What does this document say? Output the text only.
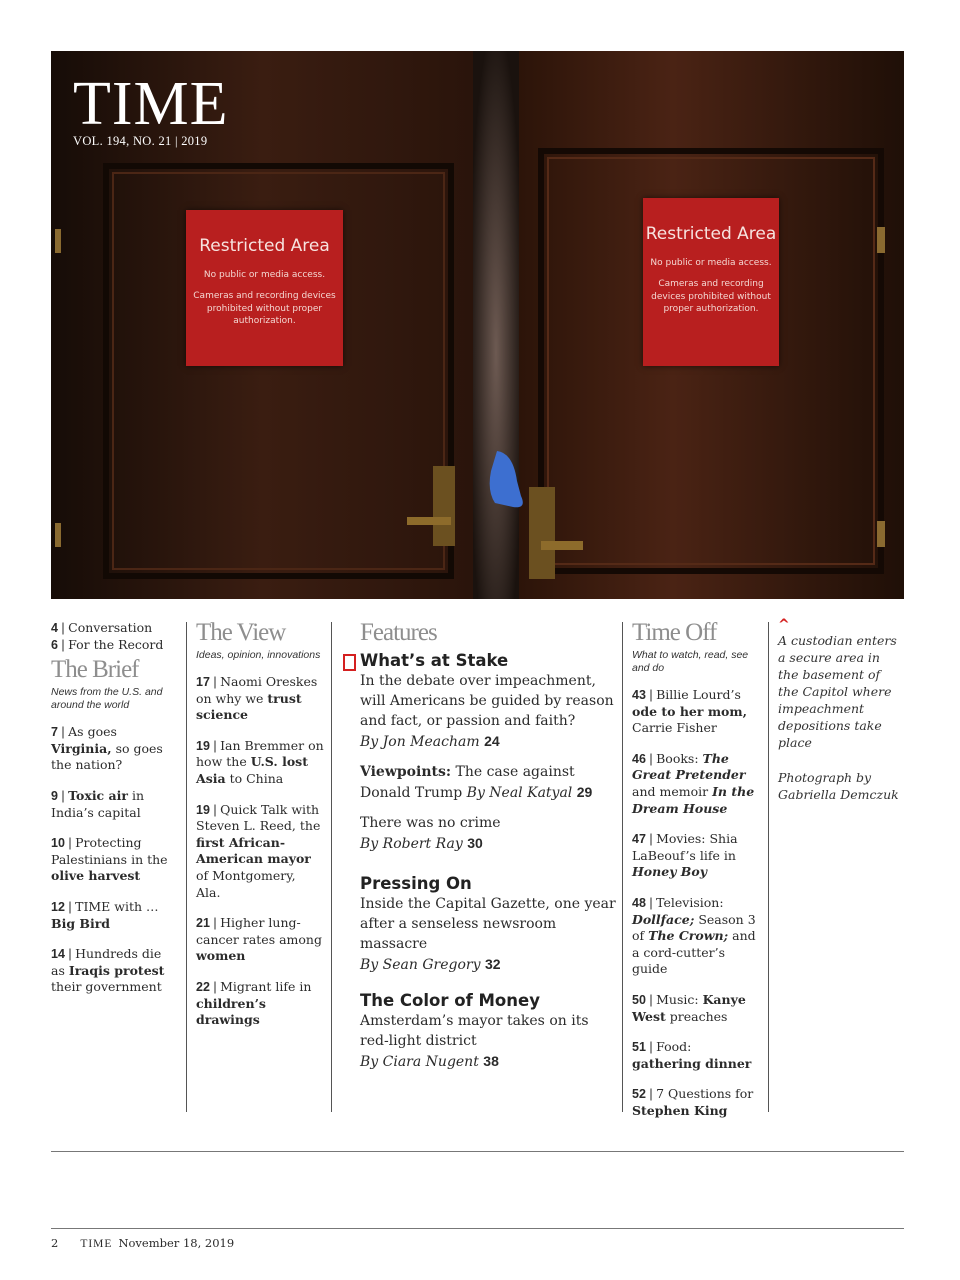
TIME
VOL. 194, NO. 21 | 2019
Restricted Area
No public or media access.
Cameras and recording devices prohibited without proper authorization.
Restricted Area
No public or media access.
Cameras and recording devices prohibited without proper authorization.
4 | Conversation
6 | For the Record
The Brief
News from the U.S. and around the world
7 | As goes Virginia, so goes the nation?
9 | Toxic air in India’s capital
10 | Protecting Palestinians in the olive harvest
12 | TIME with … Big Bird
14 | Hundreds die as Iraqis protest their government
The View
Ideas, opinion, innovations
17 | Naomi Oreskes on why we trust science
19 | Ian Bremmer on how the U.S. lost Asia to China
19 | Quick Talk with Steven L. Reed, the first African-American mayor of Montgomery, Ala.
21 | Higher lung-cancer rates among women
22 | Migrant life in children’s drawings
Features
What’s at Stake

In the debate over impeachment, will Americans be guided by reason and fact, or passion and faith?

By Jon Meacham 24

Viewpoints: The case against Donald Trump By Neal Katyal 29

There was no crime

By Robert Ray 30

Pressing On

Inside the Capital Gazette, one year after a senseless newsroom massacre

By Sean Gregory 32

The Color of Money

Amsterdam’s mayor takes on its red-light district

By Ciara Nugent 38

Time Off
What to watch, read, see and do
43 | Billie Lourd’s ode to her mom, Carrie Fisher
46 | Books: The Great Pretender and memoir In the Dream House
47 | Movies: Shia LaBeouf’s life in Honey Boy
48 | Television: Dollface; Season 3 of The Crown; and a cord-cutter’s guide
50 | Music: Kanye West preaches
51 | Food: gathering dinner
52 | 7 Questions for Stephen King
^
A custodian enters a secure area in the basement of the Capitol where impeachment depositions take place
Photograph by Gabriella Demczuk
2 TIME November 18, 2019
